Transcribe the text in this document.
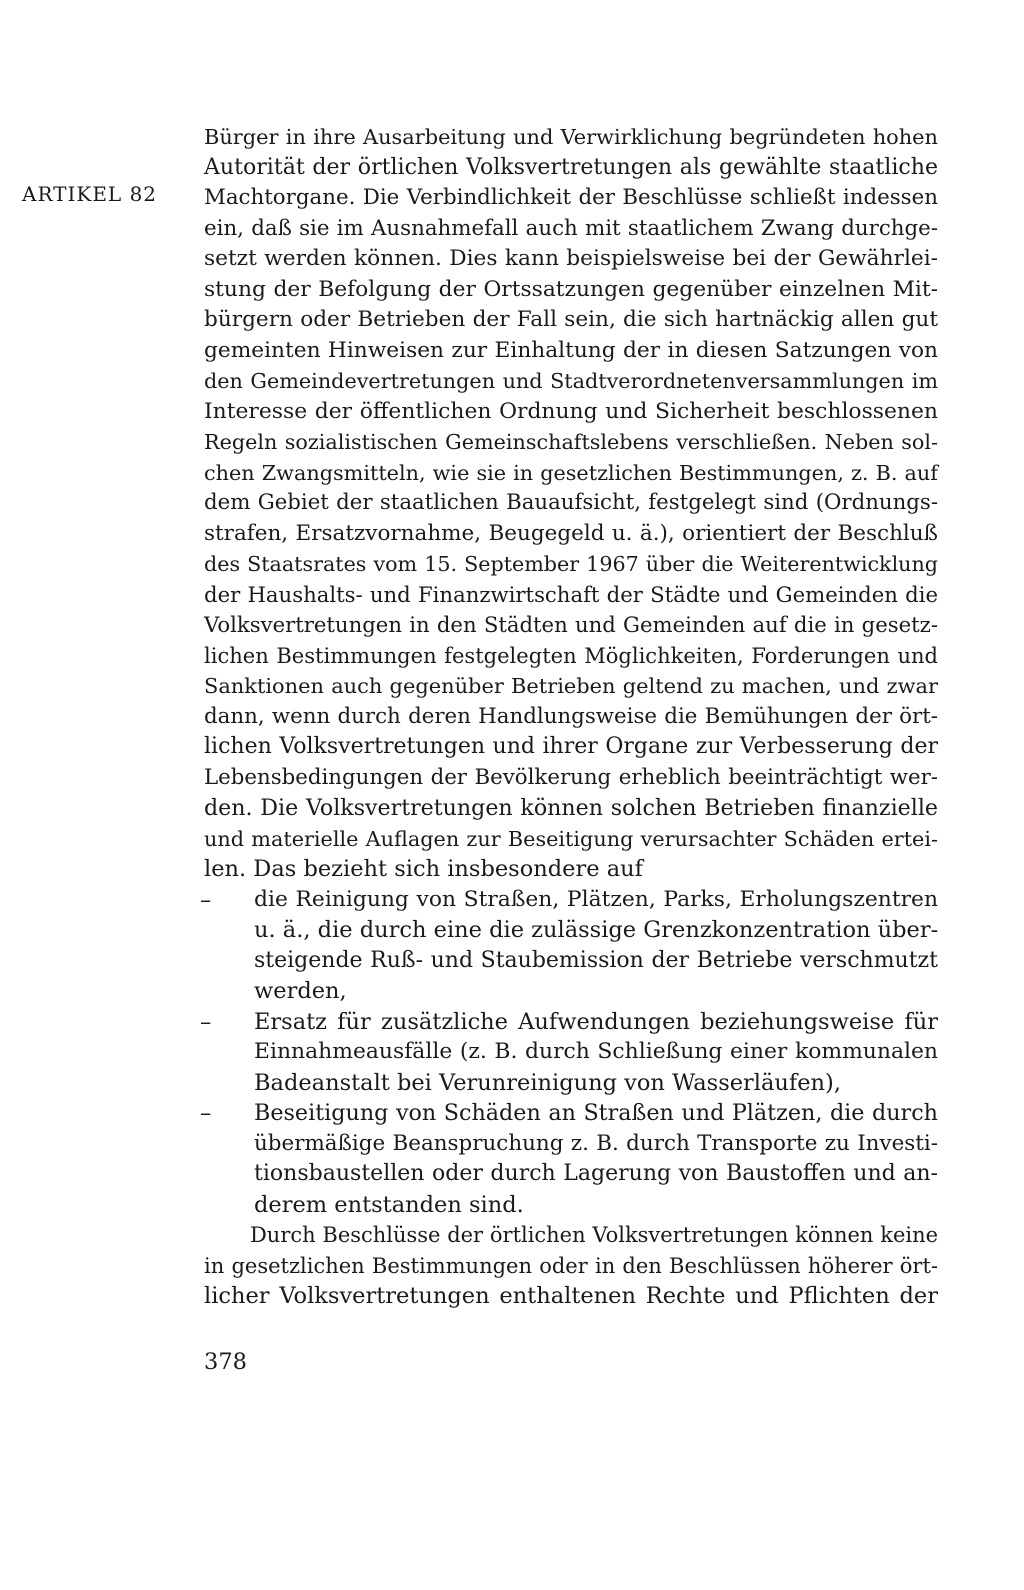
ARTIKEL 82
Bürger in ihre Ausarbeitung und Verwirklichung begründeten hohen
Autorität der örtlichen Volksvertretungen als gewählte staatliche
Machtorgane. Die Verbindlichkeit der Beschlüsse schließt indessen
ein, daß sie im Ausnahmefall auch mit staatlichem Zwang durchge-
setzt werden können. Dies kann beispielsweise bei der Gewährlei-
stung der Befolgung der Ortssatzungen gegenüber einzelnen Mit-
bürgern oder Betrieben der Fall sein, die sich hartnäckig allen gut
gemeinten Hinweisen zur Einhaltung der in diesen Satzungen von
den Gemeindevertretungen und Stadtverordnetenversammlungen im
Interesse der öffentlichen Ordnung und Sicherheit beschlossenen
Regeln sozialistischen Gemeinschaftslebens verschließen. Neben sol-
chen Zwangsmitteln, wie sie in gesetzlichen Bestimmungen, z. B. auf
dem Gebiet der staatlichen Bauaufsicht, festgelegt sind (Ordnungs-
strafen, Ersatzvornahme, Beugegeld u. ä.), orientiert der Beschluß
des Staatsrates vom 15. September 1967 über die Weiterentwicklung
der Haushalts- und Finanzwirtschaft der Städte und Gemeinden die
Volksvertretungen in den Städten und Gemeinden auf die in gesetz-
lichen Bestimmungen festgelegten Möglichkeiten, Forderungen und
Sanktionen auch gegenüber Betrieben geltend zu machen, und zwar
dann, wenn durch deren Handlungsweise die Bemühungen der ört-
lichen Volksvertretungen und ihrer Organe zur Verbesserung der
Lebensbedingungen der Bevölkerung erheblich beeinträchtigt wer-
den. Die Volksvertretungen können solchen Betrieben finanzielle
und materielle Auflagen zur Beseitigung verursachter Schäden ertei-
len. Das bezieht sich insbesondere auf
– die Reinigung von Straßen, Plätzen, Parks, Erholungszentren
u. ä., die durch eine die zulässige Grenzkonzentration über-
steigende Ruß- und Staubemission der Betriebe verschmutzt
werden,
– Ersatz für zusätzliche Aufwendungen beziehungsweise für
Einnahmeausfälle (z. B. durch Schließung einer kommunalen
Badeanstalt bei Verunreinigung von Wasserläufen),
– Beseitigung von Schäden an Straßen und Plätzen, die durch
übermäßige Beanspruchung z. B. durch Transporte zu Investi-
tionsbaustellen oder durch Lagerung von Baustoffen und an-
derem entstanden sind.
Durch Beschlüsse der örtlichen Volksvertretungen können keine
in gesetzlichen Bestimmungen oder in den Beschlüssen höherer ört-
licher Volksvertretungen enthaltenen Rechte und Pflichten der
378
